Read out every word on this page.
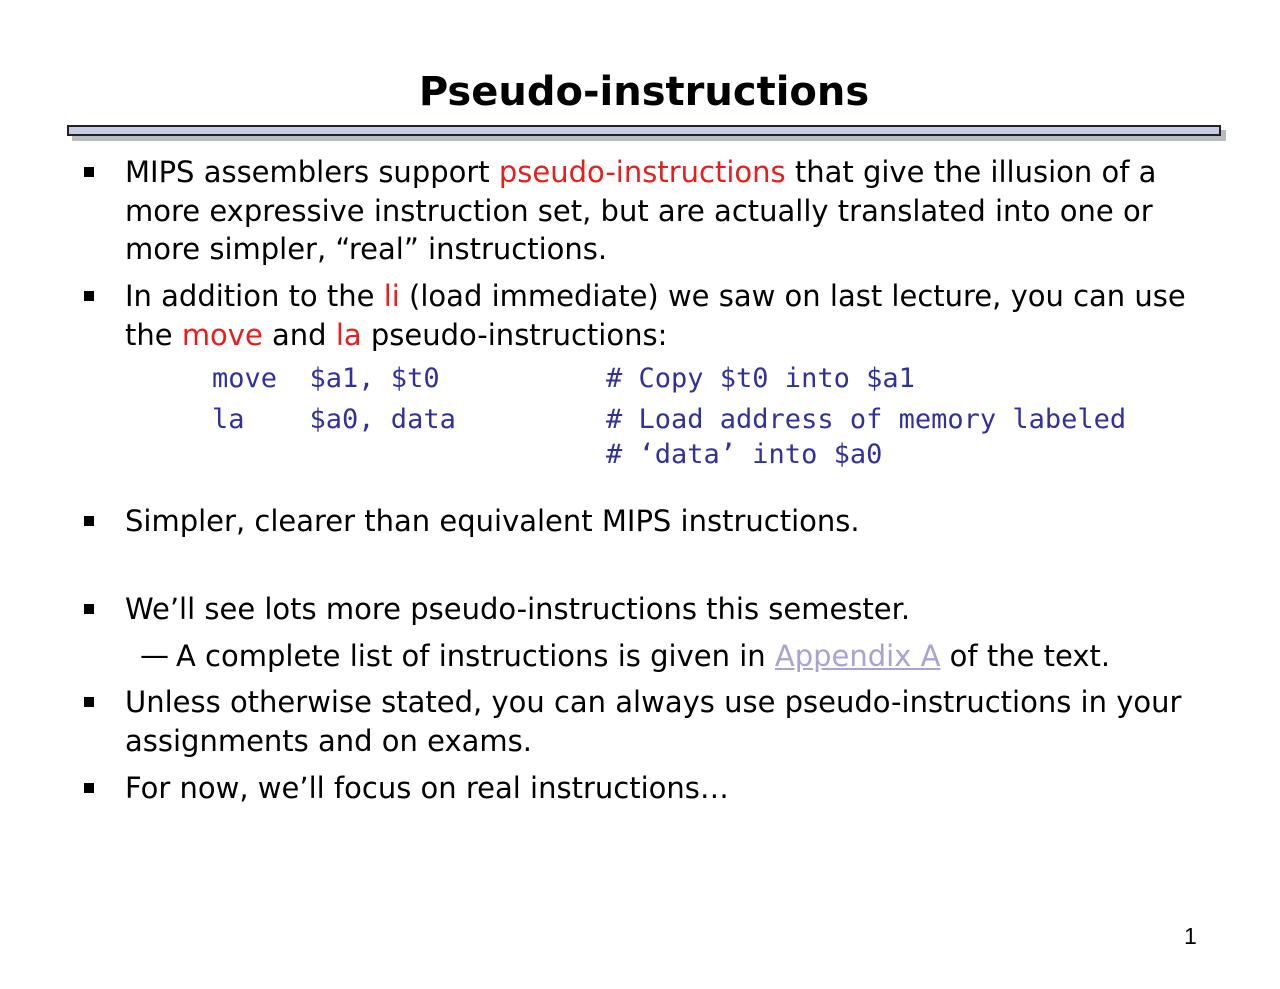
Pseudo-instructions
MIPS assemblers support pseudo-instructions that give the illusion of a
more expressive instruction set, but are actually translated into one or
more simpler, “real” instructions.
In addition to the li (load immediate) we saw on last lecture, you can use
the move and la pseudo-instructions:
move  $a1, $t0	# Copy $t0 into $a1
la    $a0, data	# Load address of memory labeled
# ‘data’ into $a0
Simpler, clearer than equivalent MIPS instructions.
We’ll see lots more pseudo-instructions this semester.
— A complete list of instructions is given in Appendix A of the text.
Unless otherwise stated, you can always use pseudo-instructions in your
assignments and on exams.
For now, we’ll focus on real instructions…
1
